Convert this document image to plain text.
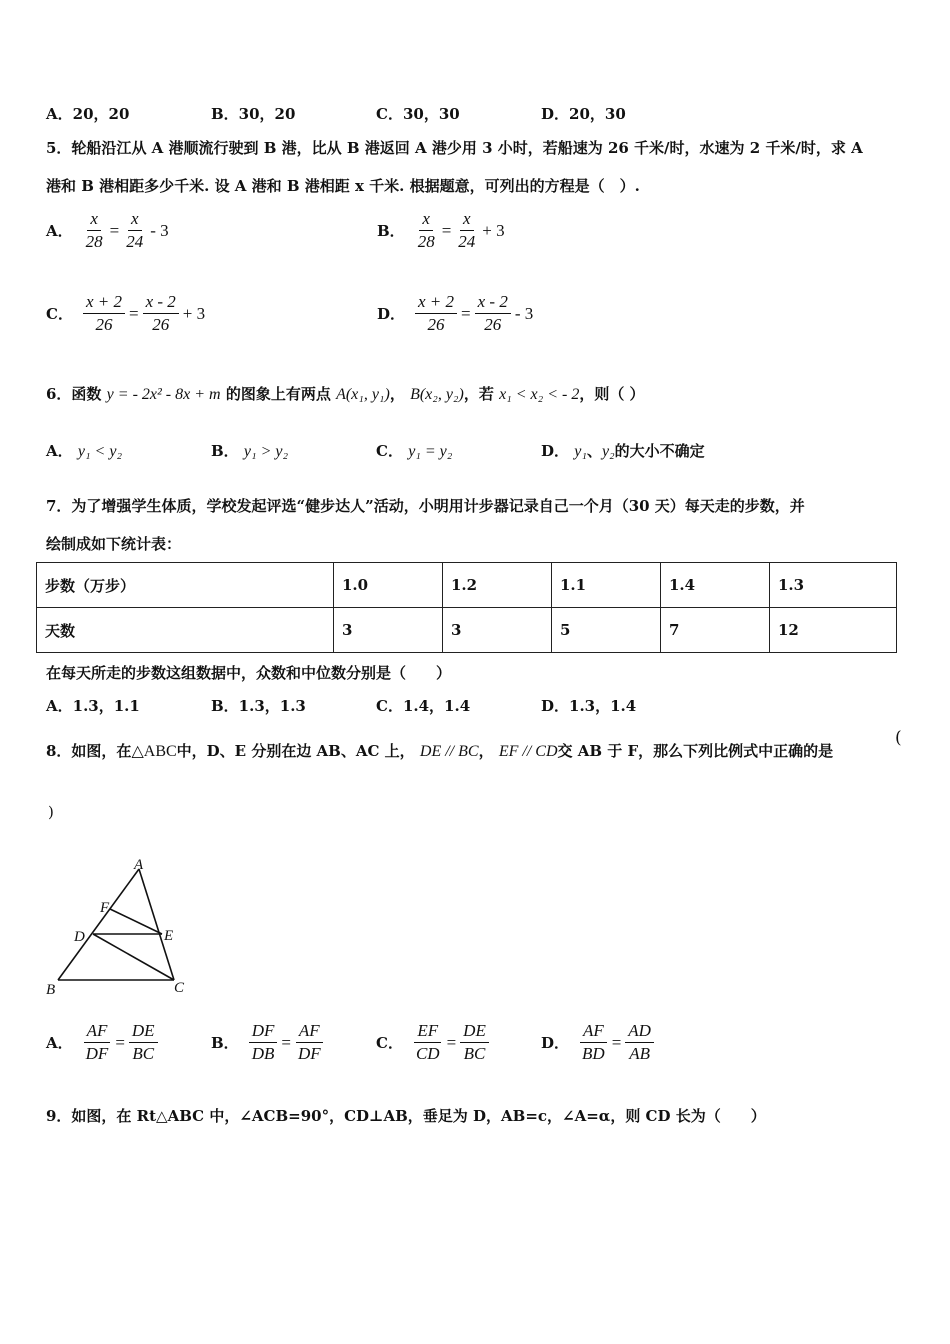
A．20，20	B．30，20	C．30，30	D．20，30
5．轮船沿江从 A 港顺流行驶到 B 港，比从 B 港返回 A 港少用 3 小时，若船速为 26 千米/时，水速为 2 千米/时，求 A
港和 B 港相距多少千米. 设 A 港和 B 港相距 x 千米. 根据题意，可列出的方程是（　）.
A． $\frac{x}{28} = \frac{x}{24} - 3$	B． $\frac{x}{28} = \frac{x}{24} + 3$
C． $\frac{x + 2}{26} = \frac{x - 2}{26} + 3$	D． $\frac{x + 2}{26} = \frac{x - 2}{26} - 3$
6．函数 y = - 2x² - 8x + m 的图象上有两点 A(x₁, y₁)， B(x₂, y₂)，若 x₁ < x₂ < - 2，则（ ）
A． y₁ < y₂	B． y₁ > y₂	C． y₁ = y₂	D． y₁、y₂的大小不确定
7．为了增强学生体质，学校发起评选“健步达人”活动，小明用计步器记录自己一个月（30 天）每天走的步数，并
绘制成如下统计表：
步数（万步）	1.0	1.2	1.1	1.4	1.3
天数	3	3	5	7	12
在每天所走的步数这组数据中，众数和中位数分别是（　　）
A．1.3，1.1	B．1.3，1.3	C．1.4，1.4	D．1.3，1.4
8．如图，在△ABC中，D、E 分别在边 AB、AC 上， DE // BC， EF // CD交 AB 于 F，那么下列比例式中正确的是
(
)
A
B	C
D	E
F
A． $\frac{AF}{DF} = \frac{DE}{BC}$	B． $\frac{DF}{DB} = \frac{AF}{DF}$	C． $\frac{EF}{CD} = \frac{DE}{BC}$	D． $\frac{AF}{BD} = \frac{AD}{AB}$
9．如图，在 Rt△ABC 中，∠ACB=90°，CD⊥AB，垂足为 D，AB=c，∠A=α，则 CD 长为（　　）
